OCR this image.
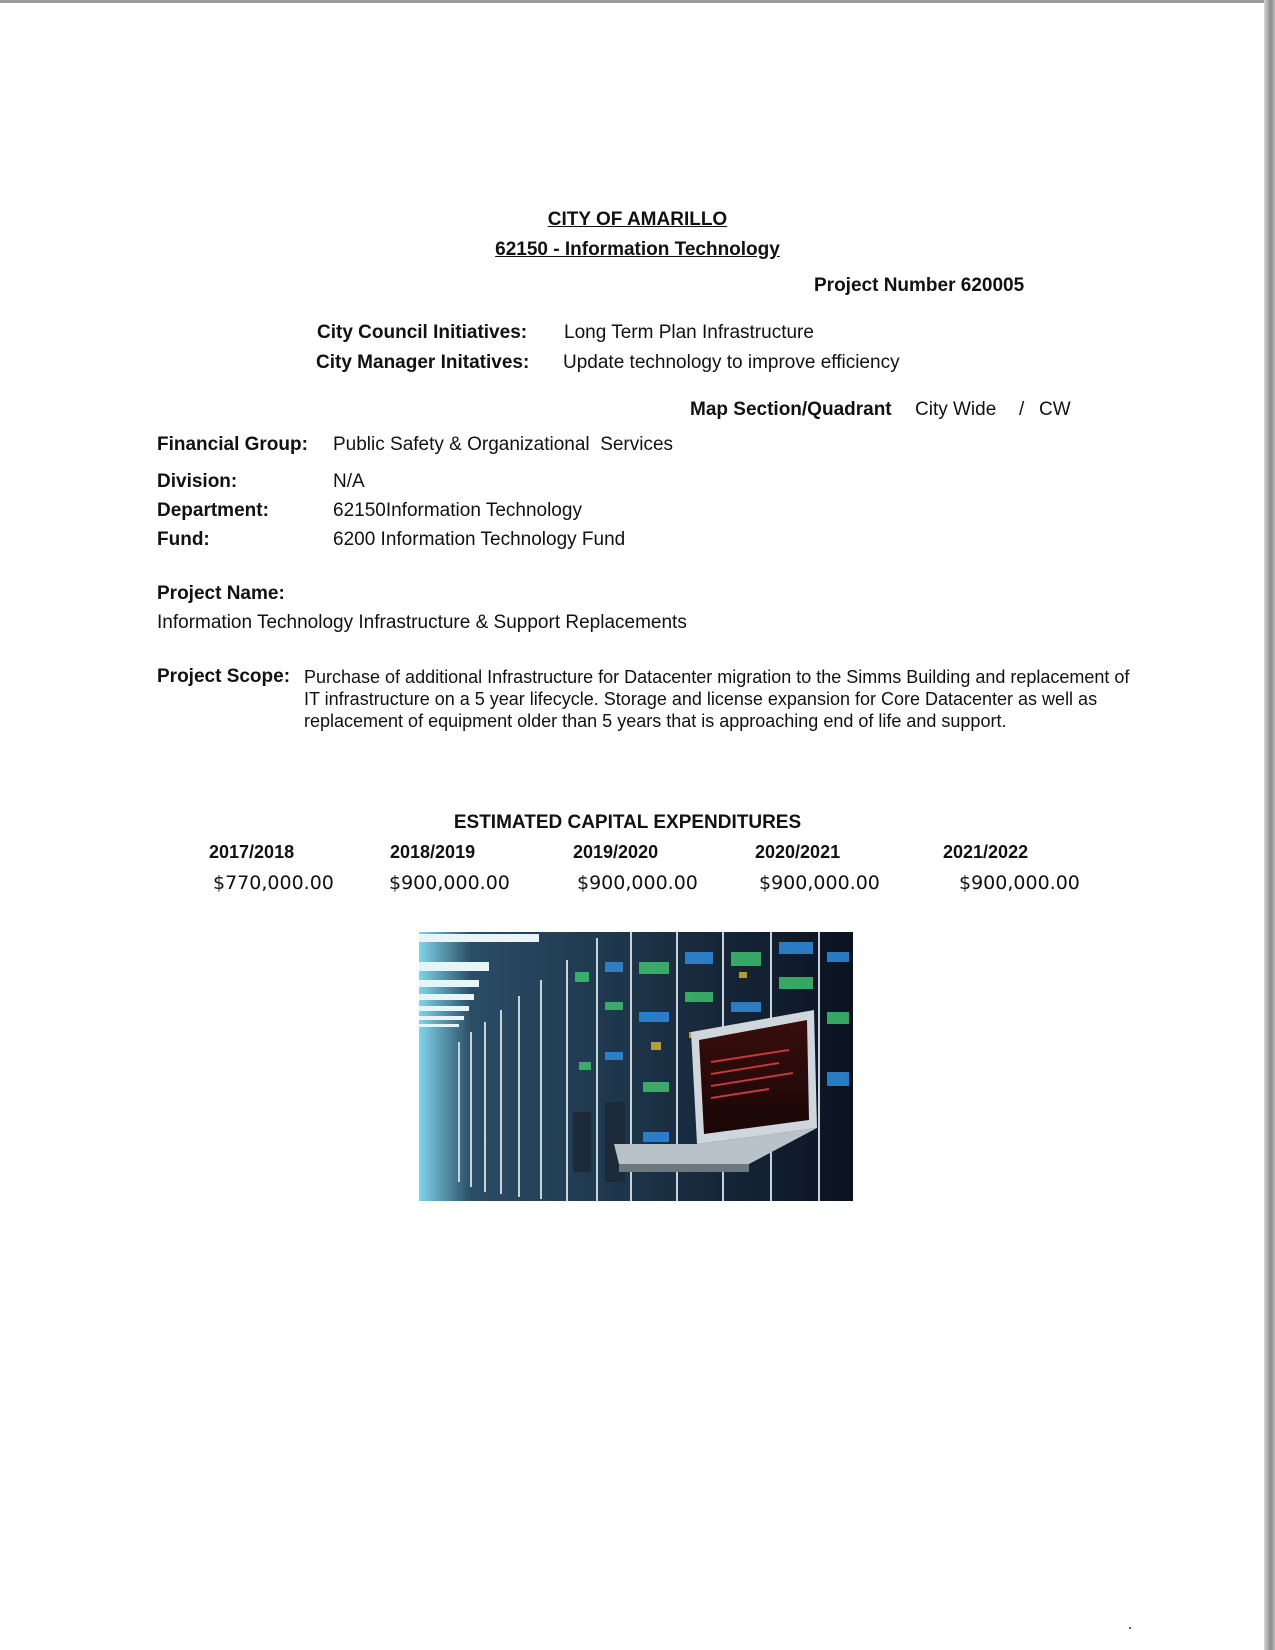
CITY OF AMARILLO
62150 - Information Technology
Project Number 620005
City Council Initiatives: Long Term Plan Infrastructure
City Manager Initatives: Update technology to improve efficiency
Map Section/Quadrant City Wide / CW
Financial Group: Public Safety & Organizational  Services
Division:	N/A
Department:	62150Information Technology
Fund:	6200 Information Technology Fund
Project Name:
Information Technology Infrastructure & Support Replacements
Project Scope: Purchase of additional Infrastructure for Datacenter migration to the Simms Building and replacement of IT infrastructure on a 5 year lifecycle. Storage and license expansion for Core Datacenter as well as replacement of equipment older than 5 years that is approaching end of life and support.
ESTIMATED CAPITAL EXPENDITURES
2017/2018	2018/2019	2019/2020	2020/2021	2021/2022
$770,000.00	$900,000.00	$900,000.00	$900,000.00	$900,000.00
